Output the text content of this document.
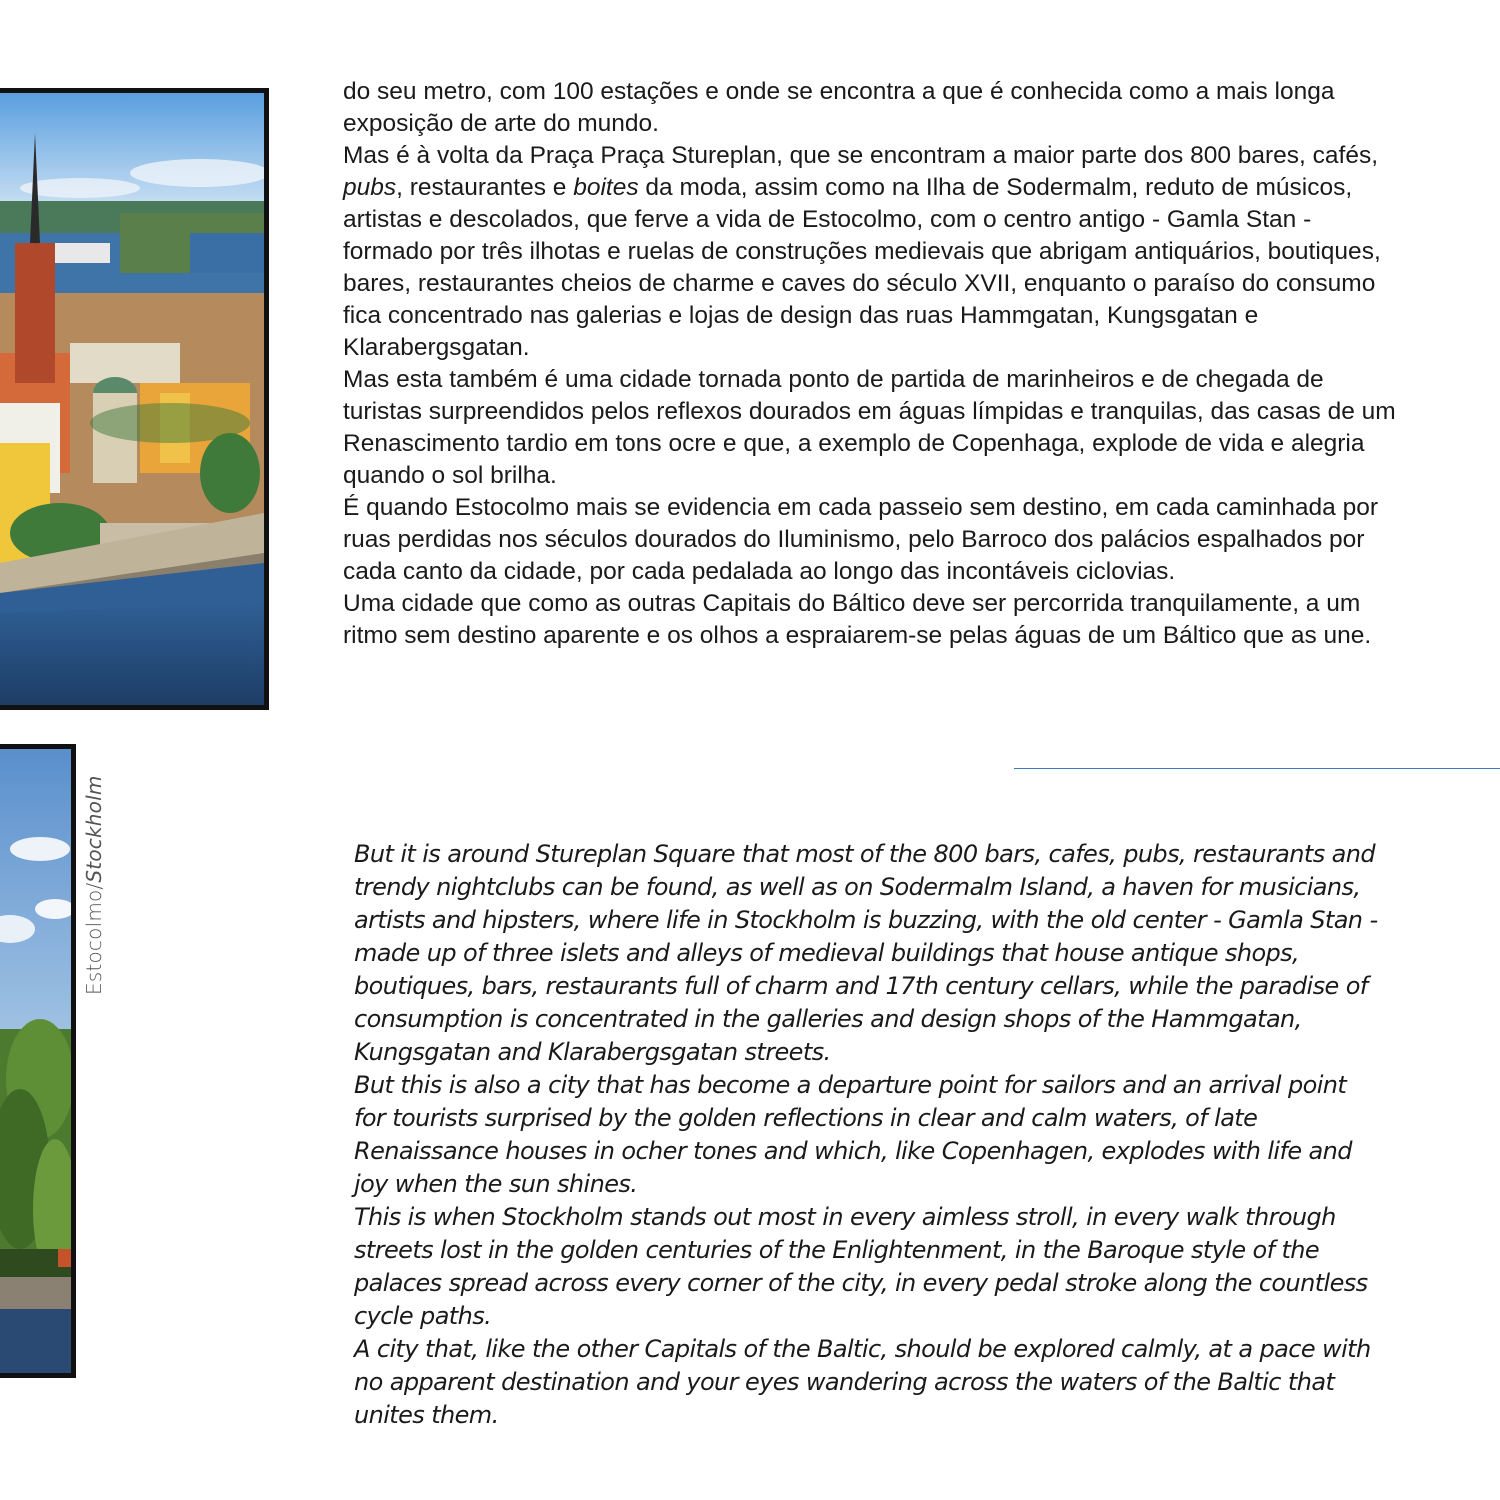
Estocolmo/Stockholm

do seu metro, com 100 estações e onde se encontra a que é conhecida como a mais longa exposição de arte do mundo.

Mas é à volta da Praça Praça Stureplan, que se encontram a maior parte dos 800 bares, cafés, pubs, restaurantes e boites da moda, assim como na Ilha de Sodermalm, reduto de músicos, artistas e descolados, que ferve a vida de Estocolmo, com o centro antigo - Gamla Stan - formado por três ilhotas e ruelas de construções medievais que abrigam antiquários, boutiques, bares, restaurantes cheios de charme e caves do século XVII, enquanto o paraíso do consumo fica concentrado nas galerias e lojas de design das ruas Hammgatan, Kungsgatan e Klarabergsgatan.

Mas esta também é uma cidade tornada ponto de partida de marinheiros e de chegada de turistas surpreendidos pelos reflexos dourados em águas límpidas e tranquilas, das casas de um Renascimento tardio em tons ocre e que, a exemplo de Copenhaga, explode de vida e alegria quando o sol brilha.

É quando Estocolmo mais se evidencia em cada passeio sem destino, em cada caminhada por ruas perdidas nos séculos dourados do Iluminismo, pelo Barroco dos palácios espalhados por cada canto da cidade, por cada pedalada ao longo das incontáveis ciclovias.

Uma cidade que como as outras Capitais do Báltico deve ser percorrida tranquilamente, a um ritmo sem destino aparente e os olhos a espraiarem-se pelas águas de um Báltico que as une.

But it is around Stureplan Square that most of the 800 bars, cafes, pubs, restaurants and trendy nightclubs can be found, as well as on Sodermalm Island, a haven for musicians, artists and hipsters, where life in Stockholm is buzzing, with the old center - Gamla Stan - made up of three islets and alleys of medieval buildings that house antique shops, boutiques, bars, restaurants full of charm and 17th century cellars, while the paradise of consumption is concentrated in the galleries and design shops of the Hammgatan, Kungsgatan and Klarabergsgatan streets.

But this is also a city that has become a departure point for sailors and an arrival point for tourists surprised by the golden reflections in clear and calm waters, of late Renaissance houses in ocher tones and which, like Copenhagen, explodes with life and joy when the sun shines.

This is when Stockholm stands out most in every aimless stroll, in every walk through streets lost in the golden centuries of the Enlightenment, in the Baroque style of the palaces spread across every corner of the city, in every pedal stroke along the countless cycle paths.

A city that, like the other Capitals of the Baltic, should be explored calmly, at a pace with no apparent destination and your eyes wandering across the waters of the Baltic that unites them.
